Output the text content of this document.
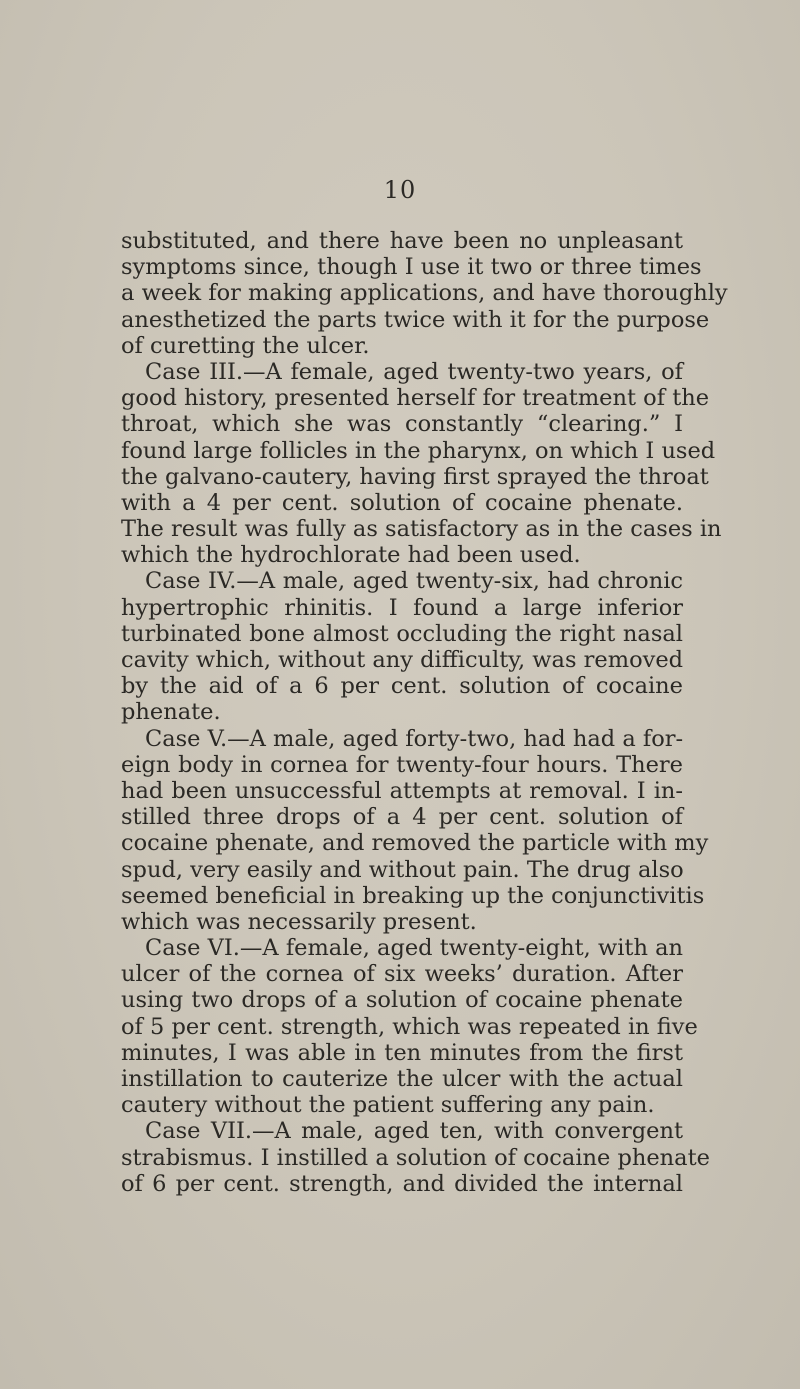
10
substituted, and there have been no unpleasant
symptoms since, though I use it two or three times
a week for making applications, and have thoroughly
anesthetized the parts twice with it for the purpose
of curetting the ulcer.
Case III.—A female, aged twenty-two years, of
good history, presented herself for treatment of the
throat, which she was constantly “clearing.” I
found large follicles in the pharynx, on which I used
the galvano-cautery, having first sprayed the throat
with a 4 per cent. solution of cocaine phenate.
The result was fully as satisfactory as in the cases in
which the hydrochlorate had been used.
Case IV.—A male, aged twenty-six, had chronic
hypertrophic rhinitis. I found a large inferior
turbinated bone almost occluding the right nasal
cavity which, without any difficulty, was removed
by the aid of a 6 per cent. solution of cocaine
phenate.
Case V.—A male, aged forty-two, had had a for-
eign body in cornea for twenty-four hours. There
had been unsuccessful attempts at removal. I in-
stilled three drops of a 4 per cent. solution of
cocaine phenate, and removed the particle with my
spud, very easily and without pain. The drug also
seemed beneficial in breaking up the conjunctivitis
which was necessarily present.
Case VI.—A female, aged twenty-eight, with an
ulcer of the cornea of six weeks’ duration. After
using two drops of a solution of cocaine phenate
of 5 per cent. strength, which was repeated in five
minutes, I was able in ten minutes from the first
instillation to cauterize the ulcer with the actual
cautery without the patient suffering any pain.
Case VII.—A male, aged ten, with convergent
strabismus. I instilled a solution of cocaine phenate
of 6 per cent. strength, and divided the internal
